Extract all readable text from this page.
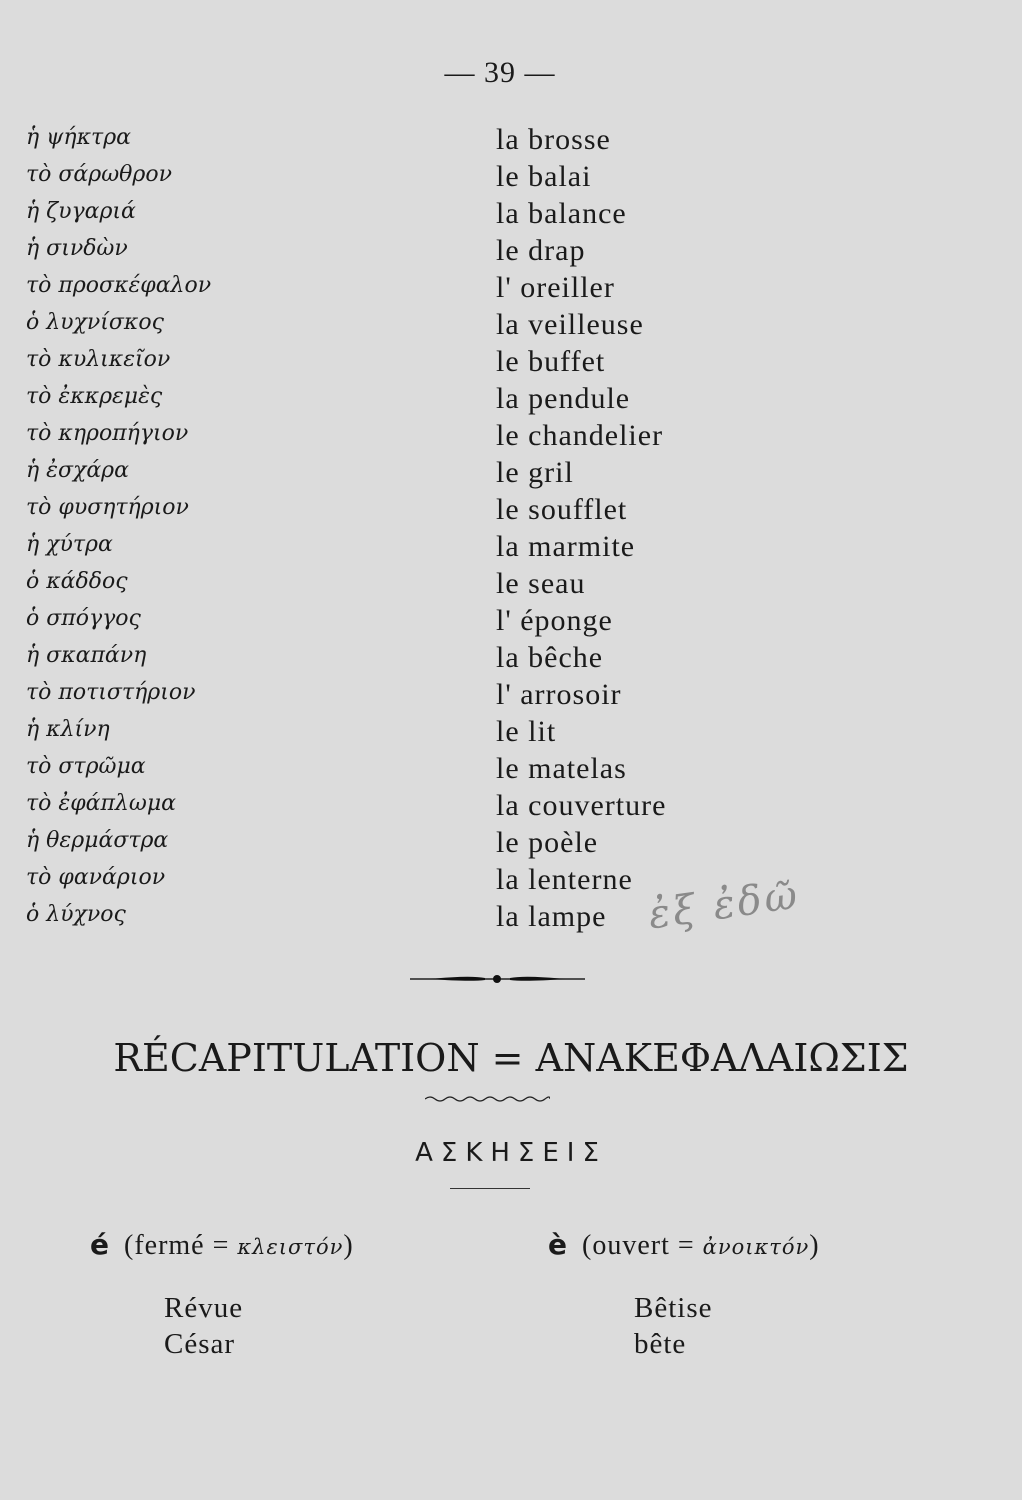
— 39 —
ἡ ψήκτρα	la brosse
τὸ σάρωθρον	le balai
ἡ ζυγαριά	la balance
ἡ σινδὼν	le drap
τὸ προσκέφαλον	l' oreiller
ὁ λυχνίσκος	la veilleuse
τὸ κυλικεῖον	le buffet
τὸ ἐκκρεμὲς	la pendule
τὸ κηροπήγιον	le chandelier
ἡ ἐσχάρα	le gril
τὸ φυσητήριον	le soufflet
ἡ χύτρα	la marmite
ὁ κάδδος	le seau
ὁ σπόγγος	l' éponge
ἡ σκαπάνη	la bêche
τὸ ποτιστήριον	l' arrosoir
ἡ κλίνη	le lit
τὸ στρῶμα	le matelas
τὸ ἐφάπλωμα	la couverture
ἡ θερμάστρα	le poèle
τὸ φανάριον	la lenterne
ὁ λύχνος	la lampe ἐξ ἐδῶ
RÉCAPITULATION = ΑΝΑΚΕΦΑΛΑΙΩΣΙΣ
ΑΣΚΗΣΕΙΣ
é (fermé = κλειστόν)
Révue
César
è (ouvert = ἀνοικτόν)
Bêtise
bête
